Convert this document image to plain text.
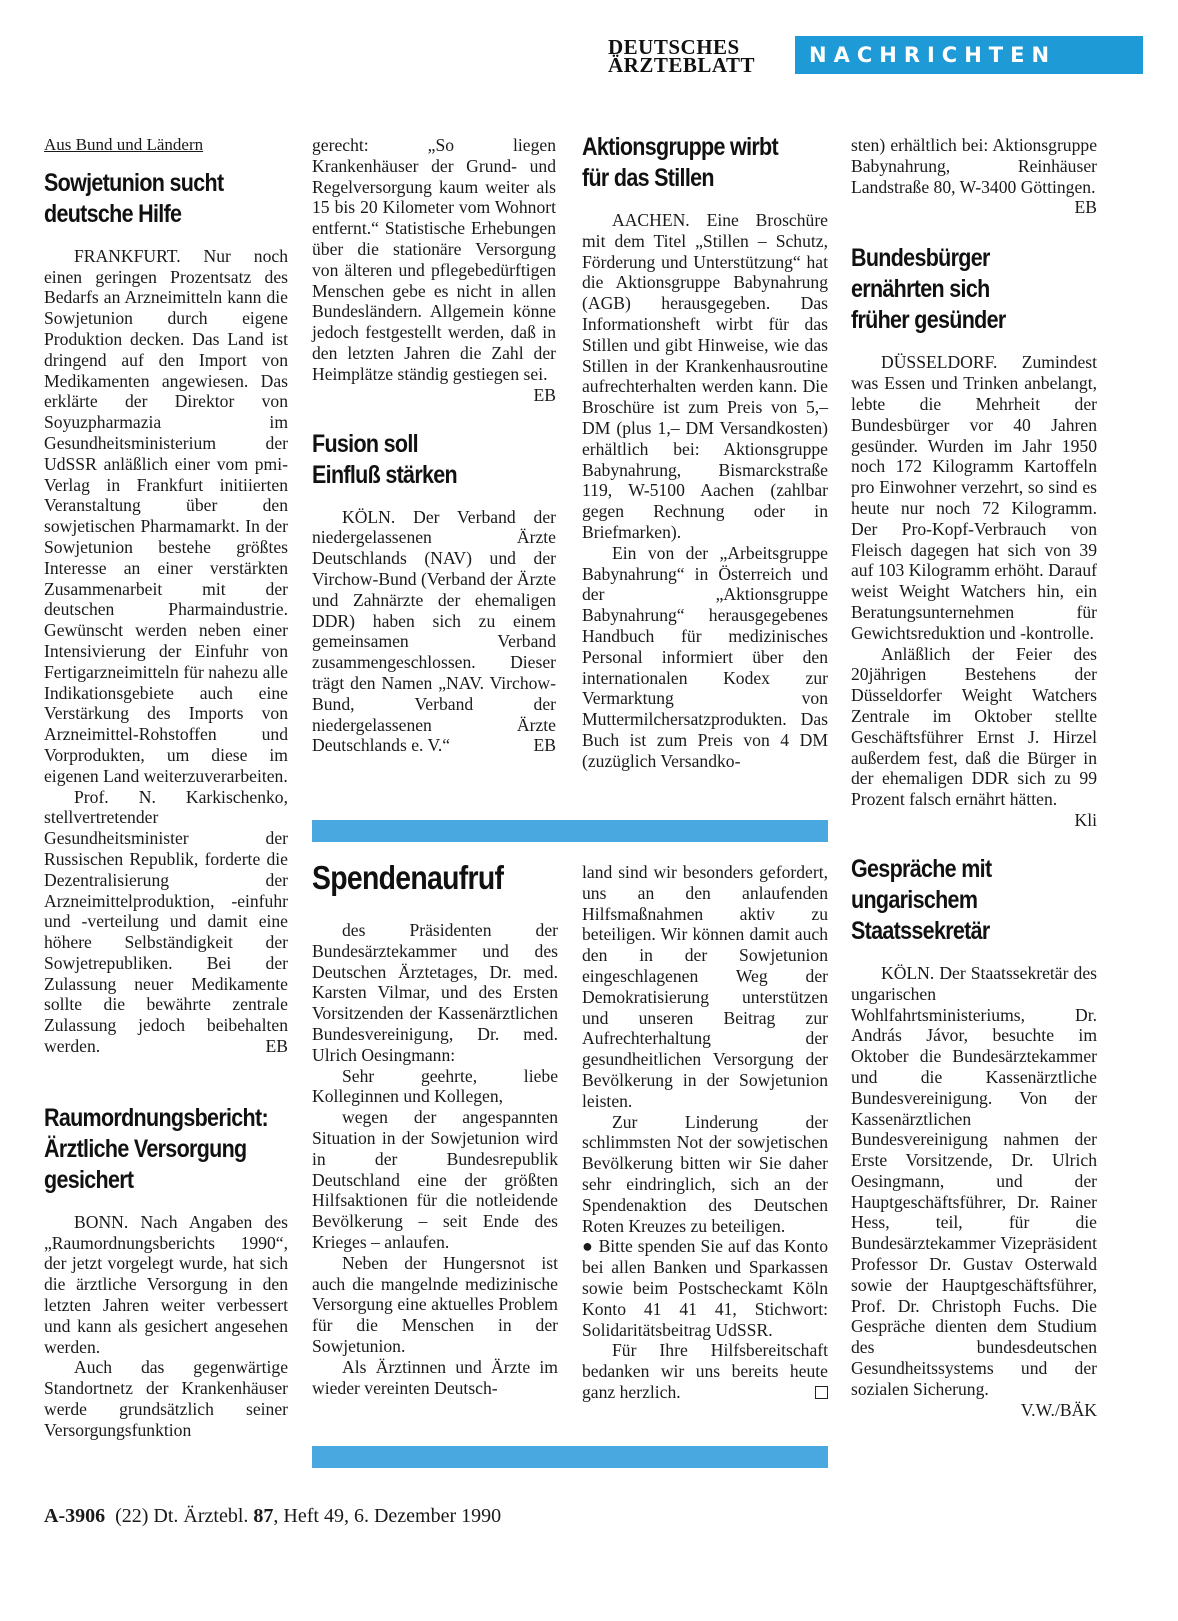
DEUTSCHES
ÄRZTEBLATT	NACHRICHTEN
Aus Bund und Ländern
Sowjetunion sucht
deutsche Hilfe

FRANKFURT. Nur noch einen geringen Prozentsatz des Bedarfs an Arzneimitteln kann die Sowjetunion durch eigene Produktion decken. Das Land ist dringend auf den Import von Medikamenten angewiesen. Das erklärte der Direktor von Soyuzpharmazia im Gesundheitsministerium der UdSSR anläßlich einer vom pmi-Verlag in Frankfurt initiierten Veranstaltung über den sowjetischen Pharmamarkt. In der Sowjetunion bestehe größtes Interesse an einer verstärkten Zusammenarbeit mit der deutschen Pharmaindustrie. Gewünscht werden neben einer Intensivierung der Einfuhr von Fertigarzneimitteln für nahezu alle Indikationsgebiete auch eine Verstärkung des Imports von Arzneimittel-Rohstoffen und Vorprodukten, um diese im eigenen Land weiterzuverarbeiten.

Prof. N. Karkischenko, stellvertretender Gesundheitsminister der Russischen Republik, forderte die Dezentralisierung der Arzneimittelproduktion, -einfuhr und -verteilung und damit eine höhere Selbständigkeit der Sowjetrepubliken. Bei der Zulassung neuer Medikamente sollte die bewährte zentrale Zulassung jedoch beibehalten werden.	EB

Raumordnungsbericht:
Ärztliche Versorgung
gesichert

BONN. Nach Angaben des „Raumordnungsberichts 1990“, der jetzt vorgelegt wurde, hat sich die ärztliche Versorgung in den letzten Jahren weiter verbessert und kann als gesichert angesehen werden.

Auch das gegenwärtige Standortnetz der Krankenhäuser werde grundsätzlich seiner Versorgungsfunktion

gerecht: „So liegen Krankenhäuser der Grund- und Regelversorgung kaum weiter als 15 bis 20 Kilometer vom Wohnort entfernt.“ Statistische Erhebungen über die stationäre Versorgung von älteren und pflegebedürftigen Menschen gebe es nicht in allen Bundesländern. Allgemein könne jedoch festgestellt werden, daß in den letzten Jahren die Zahl der Heimplätze ständig gestiegen sei.
EB

Fusion soll
Einfluß stärken

KÖLN. Der Verband der niedergelassenen Ärzte Deutschlands (NAV) und der Virchow-Bund (Verband der Ärzte und Zahnärzte der ehemaligen DDR) haben sich zu einem gemeinsamen Verband zusammengeschlossen. Dieser trägt den Namen „NAV. Virchow-Bund, Verband der niedergelassenen Ärzte Deutschlands e. V.“	EB

Aktionsgruppe wirbt
für das Stillen

AACHEN. Eine Broschüre mit dem Titel „Stillen – Schutz, Förderung und Unterstützung“ hat die Aktionsgruppe Babynahrung (AGB) herausgegeben. Das Informationsheft wirbt für das Stillen und gibt Hinweise, wie das Stillen in der Krankenhausroutine aufrechterhalten werden kann. Die Broschüre ist zum Preis von 5,– DM (plus 1,– DM Versandkosten) erhältlich bei: Aktionsgruppe Babynahrung, Bismarckstraße 119, W-5100 Aachen (zahlbar gegen Rechnung oder in Briefmarken).

Ein von der „Arbeitsgruppe Babynahrung“ in Österreich und der „Aktionsgruppe Babynahrung“ herausgegebenes Handbuch für medizinisches Personal informiert über den internationalen Kodex zur Vermarktung von Muttermilchersatzprodukten. Das Buch ist zum Preis von 4 DM (zuzüglich Versandko-

sten) erhältlich bei: Aktionsgruppe Babynahrung, Reinhäuser Landstraße 80, W-3400 Göttingen.
EB

Bundesbürger
ernährten sich
früher gesünder

DÜSSELDORF. Zumindest was Essen und Trinken anbelangt, lebte die Mehrheit der Bundesbürger vor 40 Jahren gesünder. Wurden im Jahr 1950 noch 172 Kilogramm Kartoffeln pro Einwohner verzehrt, so sind es heute nur noch 72 Kilogramm. Der Pro-Kopf-Verbrauch von Fleisch dagegen hat sich von 39 auf 103 Kilogramm erhöht. Darauf weist Weight Watchers hin, ein Beratungsunternehmen für Gewichtsreduktion und -kontrolle.

Anläßlich der Feier des 20jährigen Bestehens der Düsseldorfer Weight Watchers Zentrale im Oktober stellte Geschäftsführer Ernst J. Hirzel außerdem fest, daß die Bürger in der ehemaligen DDR sich zu 99 Prozent falsch ernährt hätten.
Kli

Gespräche mit
ungarischem
Staatssekretär

KÖLN. Der Staatssekretär des ungarischen Wohlfahrtsministeriums, Dr. András Jávor, besuchte im Oktober die Bundesärztekammer und die Kassenärztliche Bundesvereinigung. Von der Kassenärztlichen Bundesvereinigung nahmen der Erste Vorsitzende, Dr. Ulrich Oesingmann, und der Hauptgeschäftsführer, Dr. Rainer Hess, teil, für die Bundesärztekammer Vizepräsident Professor Dr. Gustav Osterwald sowie der Hauptgeschäftsführer, Prof. Dr. Christoph Fuchs. Die Gespräche dienten dem Studium des bundesdeutschen Gesundheitssystems und der sozialen Sicherung.
V.W./BÄK

Spendenaufruf

des Präsidenten der Bundesärztekammer und des Deutschen Ärztetages, Dr. med. Karsten Vilmar, und des Ersten Vorsitzenden der Kassenärztlichen Bundesvereinigung, Dr. med. Ulrich Oesingmann:

Sehr geehrte, liebe Kolleginnen und Kollegen,

wegen der angespannten Situation in der Sowjetunion wird in der Bundesrepublik Deutschland eine der größten Hilfsaktionen für die notleidende Bevölkerung – seit Ende des Krieges – anlaufen.

Neben der Hungersnot ist auch die mangelnde medizinische Versorgung eine aktuelles Problem für die Menschen in der Sowjetunion.

Als Ärztinnen und Ärzte im wieder vereinten Deutsch-

land sind wir besonders gefordert, uns an den anlaufenden Hilfsmaßnahmen aktiv zu beteiligen. Wir können damit auch den in der Sowjetunion eingeschlagenen Weg der Demokratisierung unterstützen und unseren Beitrag zur Aufrechterhaltung der gesundheitlichen Versorgung der Bevölkerung in der Sowjetunion leisten.

Zur Linderung der schlimmsten Not der sowjetischen Bevölkerung bitten wir Sie daher sehr eindringlich, sich an der Spendenaktion des Deutschen Roten Kreuzes zu beteiligen.

● Bitte spenden Sie auf das Konto bei allen Banken und Sparkassen sowie beim Postscheckamt Köln Konto 41 41 41, Stichwort: Solidaritätsbeitrag UdSSR.

Für Ihre Hilfsbereitschaft bedanken wir uns bereits heute ganz herzlich.

A-3906 (22) Dt. Ärztebl. 87, Heft 49, 6. Dezember 1990
